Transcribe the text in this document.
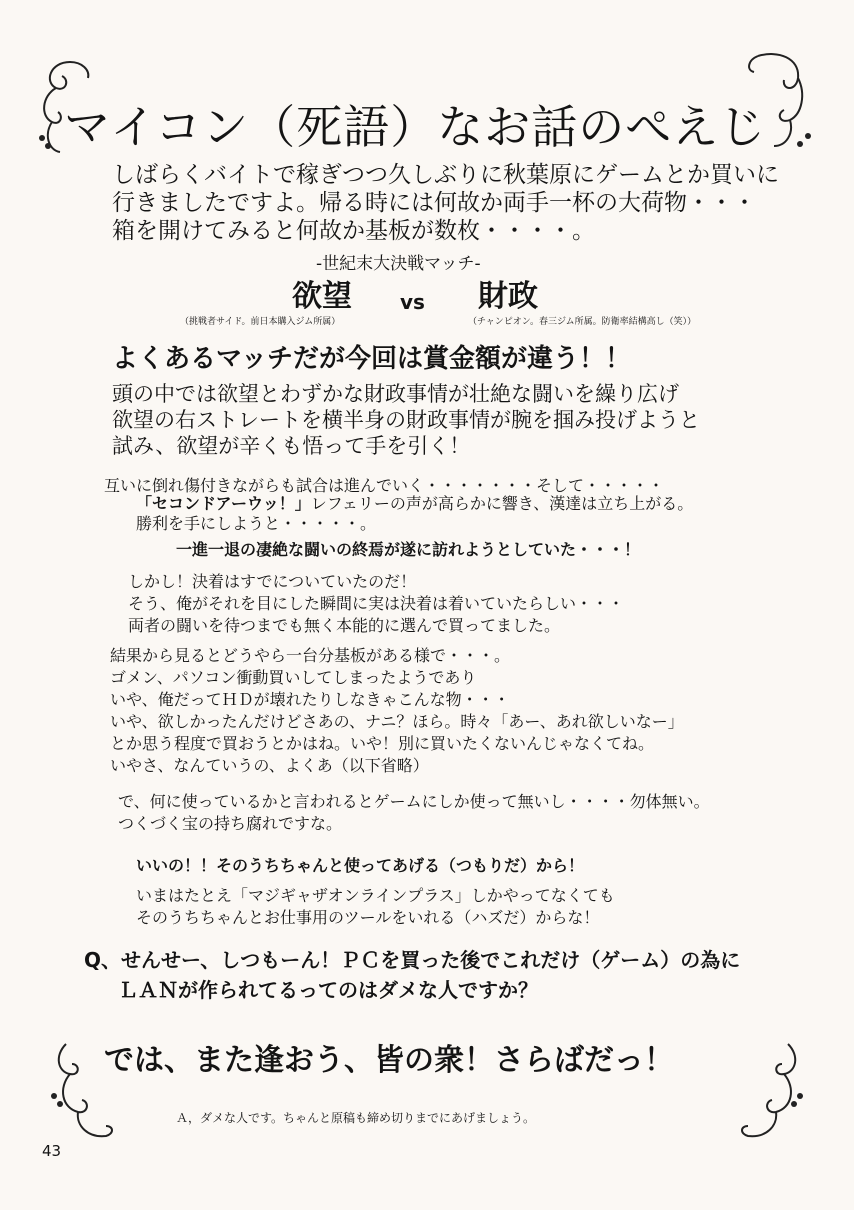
マイコン（死語）なお話のぺえじ
しばらくバイトで稼ぎつつ久しぶりに秋葉原にゲームとか買いに
行きましたですよ。帰る時には何故か両手一杯の大荷物・・・
箱を開けてみると何故か基板が数枚・・・・。
-世紀末大決戦マッチ-
欲望 vs 財政
（挑戦者サイド。前日本購入ジム所属）	（チャンピオン。春三ジム所属。防衛率結構高し（笑））
よくあるマッチだが今回は賞金額が違う！！
頭の中では欲望とわずかな財政事情が壮絶な闘いを繰り広げ
欲望の右ストレートを横半身の財政事情が腕を掴み投げようと
試み、欲望が辛くも悟って手を引く！
互いに倒れ傷付きながらも試合は進んでいく・・・・・・・そして・・・・・
「セコンドアーウッ！」レフェリーの声が高らかに響き、漢達は立ち上がる。
勝利を手にしようと・・・・・。
一進一退の凄絶な闘いの終焉が遂に訪れようとしていた・・・！
しかし！決着はすでについていたのだ！
そう、俺がそれを目にした瞬間に実は決着は着いていたらしい・・・
両者の闘いを待つまでも無く本能的に選んで買ってました。
結果から見るとどうやら一台分基板がある様で・・・。
ゴメン、パソコン衝動買いしてしまったようであり
いや、俺だってＨＤが壊れたりしなきゃこんな物・・・
いや、欲しかったんだけどさあの、ナニ？ほら。時々「あー、あれ欲しいなー」
とか思う程度で買おうとかはね。いや！別に買いたくないんじゃなくてね。
いやさ、なんていうの、よくあ（以下省略）
で、何に使っているかと言われるとゲームにしか使って無いし・・・・勿体無い。
つくづく宝の持ち腐れですな。
いいの！！そのうちちゃんと使ってあげる（つもりだ）から！
いまはたとえ「マジギャザオンラインプラス」しかやってなくても
そのうちちゃんとお仕事用のツールをいれる（ハズだ）からな！
Q、せんせー、しつもーん！ＰＣを買った後でこれだけ（ゲーム）の為に
ＬＡＮが作られてるってのはダメな人ですか？
では、また逢おう、皆の衆！さらばだっ！
Ａ，ダメな人です。ちゃんと原稿も締め切りまでにあげましょう。
43
